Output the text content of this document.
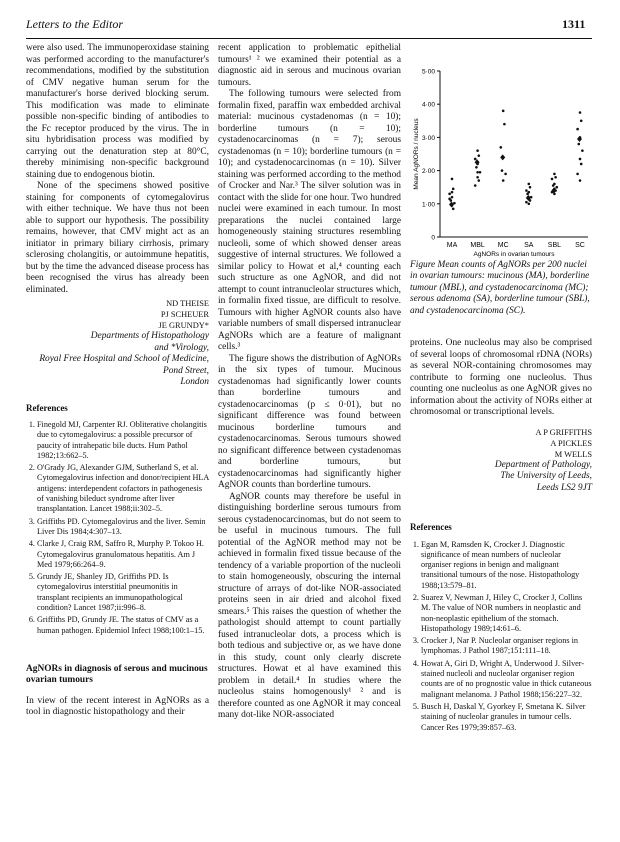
Letters to the Editor	1311

were also used. The immunoperoxidase staining was performed according to the manufacturer's recommendations, modified by the substitution of CMV negative human serum for the manufacturer's horse derived blocking serum. This modification was made to eliminate possible non-specific binding of antibodies to the Fc receptor produced by the virus. The in situ hybridisation process was modified by carrying out the denaturation step at 80°C, thereby minimising non-specific background staining due to endogenous biotin.

None of the specimens showed positive staining for components of cytomegalovirus with either technique. We have thus not been able to support our hypothesis. The possibility remains, however, that CMV might act as an initiator in primary biliary cirrhosis, primary sclerosing cholangitis, or autoimmune hepatitis, but by the time the advanced disease process has been recognised the virus has already been eliminated.

ND THEISE
PJ SCHEUER
JE GRUNDY*
Departments of Histopathology
and *Virology,
Royal Free Hospital and School of Medicine,
Pond Street,
London
References
1. Finegold MJ, Carpenter RJ. Obliterative cholangitis due to cytomegalovirus: a possible precursor of paucity of intrahepatic bile ducts. Hum Pathol 1982;13:662–5.
2. O'Grady JG, Alexander GJM, Sutherland S, et al. Cytomegalovirus infection and donor/recipient HLA antigens: interdependent cofactors in pathogenesis of vanishing bileduct syndrome after liver transplantation. Lancet 1988;ii:302–5.
3. Griffiths PD. Cytomegalovirus and the liver. Semin Liver Dis 1984;4:307–13.
4. Clarke J, Craig RM, Saffro R, Murphy P. Tokoo H. Cytomegalovirus granulomatous hepatitis. Am J Med 1979;66:264–9.
5. Grundy JE, Shanley JD, Griffiths PD. Is cytomegalovirus interstitial pneumonitis in transplant recipients an immunopathological condition? Lancet 1987;ii:996–8.
6. Griffiths PD, Grundy JE. The status of CMV as a human pathogen. Epidemiol Infect 1988;100:1–15.
AgNORs in diagnosis of serous and mucinous ovarian tumours

In view of the recent interest in AgNORs as a tool in diagnostic histopathology and their

recent application to problematic epithelial tumours¹ ² we examined their potential as a diagnostic aid in serous and mucinous ovarian tumours.

The following tumours were selected from formalin fixed, paraffin wax embedded archival material: mucinous cystadenomas (n = 10); borderline tumours (n = 10); cystadenocarcinomas (n = 7); serous cystadenomas (n = 10); borderline tumours (n = 10); and cystadenocarcinomas (n = 10). Silver staining was performed according to the method of Crocker and Nar.³ The silver solution was in contact with the slide for one hour. Two hundred nuclei were examined in each tumour. In most preparations the nuclei contained large homogeneously staining structures resembling nucleoli, some of which showed denser areas suggestive of internal structures. We followed a similar policy to Howat et al,⁴ counting each such structure as one AgNOR, and did not attempt to count intranucleolar structures which, in formalin fixed tissue, are difficult to resolve. Tumours with higher AgNOR counts also have variable numbers of small dispersed intranuclear AgNORs which are a feature of malignant cells.³

The figure shows the distribution of AgNORs in the six types of tumour. Mucinous cystadenomas had significantly lower counts than borderline tumours and cystadenocarcinomas (p ≤ 0·01), but no significant difference was found between mucinous borderline tumours and cystadenocarcinomas. Serous tumours showed no significant difference between cystadenomas and borderline tumours, but cystadenocarcinomas had significantly higher AgNOR counts than borderline tumours.

AgNOR counts may therefore be useful in distinguishing borderline serous tumours from serous cystadenocarcinomas, but do not seem to be useful in mucinous tumours. The full potential of the AgNOR method may not be achieved in formalin fixed tissue because of the tendency of a variable proportion of the nucleoli to stain homogeneously, obscuring the internal structure of arrays of dot-like NOR-associated proteins seen in air dried and alcohol fixed smears.⁵ This raises the question of whether the pathologist should attempt to count partially fused intranucleolar dots, a process which is both tedious and subjective or, as we have done in this study, count only clearly discrete structures. Howat et al have examined this problem in detail.⁴ In studies where the nucleolus stains homogenously¹ ² and is therefore counted as one AgNOR it may conceal many dot-like NOR-associated

0
1·00
2·00
3·00
4·00
5·00
Mean AgNORs / nucleus
MA MBL MC SA SBL SC
AgNORs in ovarian tumours
Figure Mean counts of AgNORs per 200 nuclei in ovarian tumours: mucinous (MA), borderline tumour (MBL), and cystadenocarcinoma (MC); serous adenoma (SA), borderline tumour (SBL), and cystadenocarcinoma (SC).

proteins. One nucleolus may also be comprised of several loops of chromosomal rDNA (NORs) as several NOR-containing chromosomes may contribute to forming one nucleolus. Thus counting one nucleolus as one AgNOR gives no information about the activity of NORs either at chromosomal or transcriptional levels.

A P GRIFFITHS
A PICKLES
M WELLS
Department of Pathology,
The University of Leeds,
Leeds LS2 9JT
References
1. Egan M, Ramsden K, Crocker J. Diagnostic significance of mean numbers of nucleolar organiser regions in benign and malignant transitional tumours of the nose. Histopathology 1988;13:579–81.
2. Suarez V, Newman J, Hiley C, Crocker J, Collins M. The value of NOR numbers in neoplastic and non-neoplastic epithelium of the stomach. Histopathology 1989;14:61–6.
3. Crocker J, Nar P. Nucleolar organiser regions in lymphomas. J Pathol 1987;151:111–18.
4. Howat A, Giri D, Wright A, Underwood J. Silver-stained nucleoli and nucleolar organiser region counts are of no prognostic value in thick cutaneous malignant melanoma. J Pathol 1988;156:227–32.
5. Busch H, Daskal Y, Gyorkey F, Smetana K. Silver staining of nucleolar granules in tumour cells. Cancer Res 1979;39:857–63.
